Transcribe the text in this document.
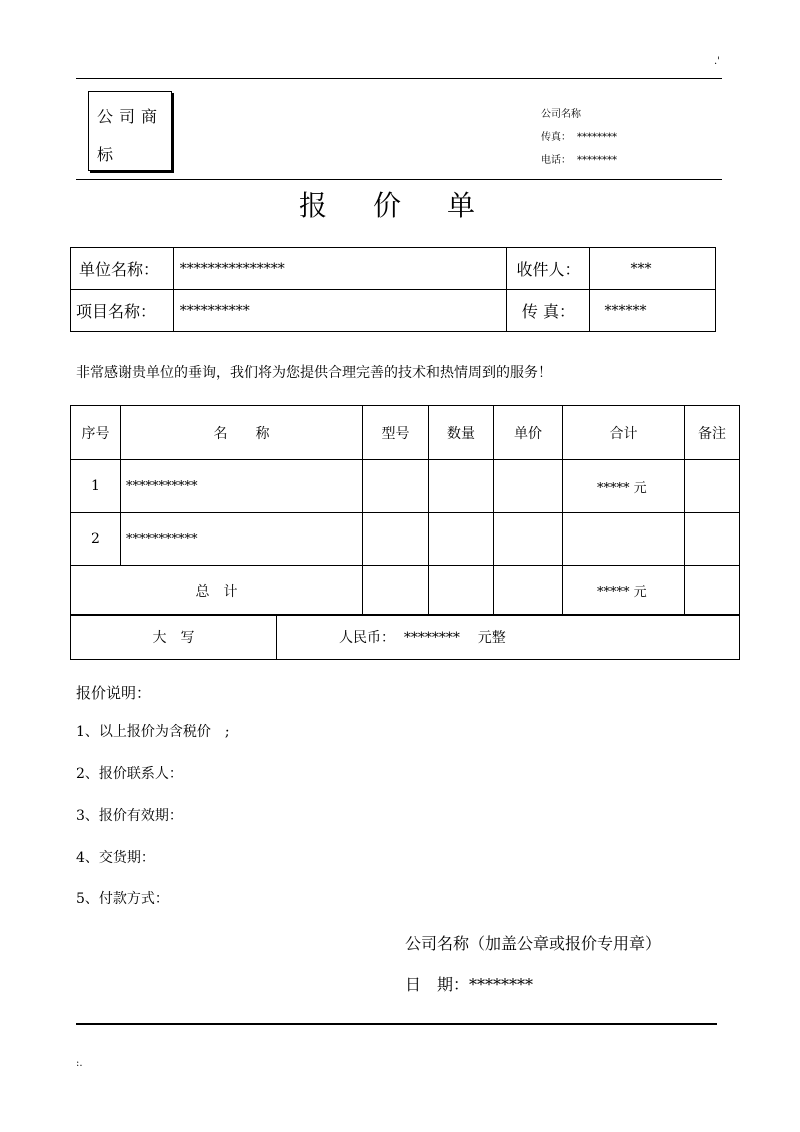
.'
公司商标
公司名称
传真： ********
电话： ********
报价单
单位名称：	***************	收件人：	***
项目名称：	**********	传 真：	******
非常感谢贵单位的垂询，我们将为您提供合理完善的技术和热情周到的服务！
序号	名　　称	型号	数量	单价	合计	备注
1	***********				***** 元	
2	***********					
总　计					***** 元	
大　写	人民币：  ********    元整
报价说明：
1、以上报价为含税价　;
2、报价联系人：
3、报价有效期：
4、交货期：
5、付款方式：
公司名称（加盖公章或报价专用章）
日　期：********
:.
